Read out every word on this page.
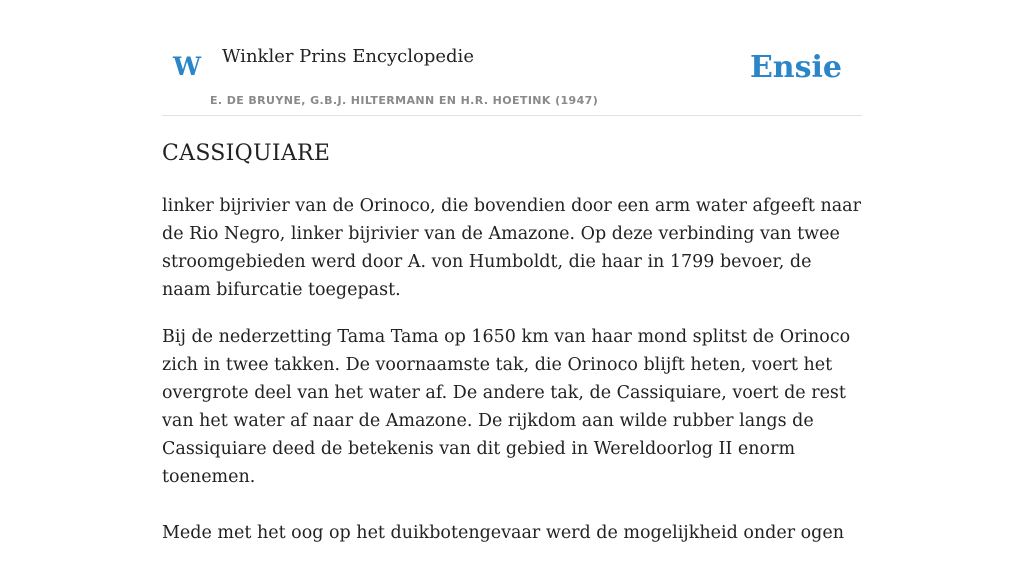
W Winkler Prins Encyclopedie
E. DE BRUYNE, G.B.J. HILTERMANN EN H.R. HOETINK (1947)
Ensie
CASSIQUIARE

linker bijrivier van de Orinoco, die bovendien door een arm water afgeeft naar de Rio Negro, linker bijrivier van de Amazone. Op deze verbinding van twee stroomgebieden werd door A. von Humboldt, die haar in 1799 bevoer, de naam bifurcatie toegepast.

Bij de nederzetting Tama Tama op 1650 km van haar mond splitst de Orinoco zich in twee takken. De voornaamste tak, die Orinoco blijft heten, voert het overgrote deel van het water af. De andere tak, de Cassiquiare, voert de rest van het water af naar de Amazone. De rijkdom aan wilde rubber langs de Cassiquiare deed de betekenis van dit gebied in Wereldoorlog II enorm toenemen.

Mede met het oog op het duikbotengevaar werd de mogelijkheid onder ogen
